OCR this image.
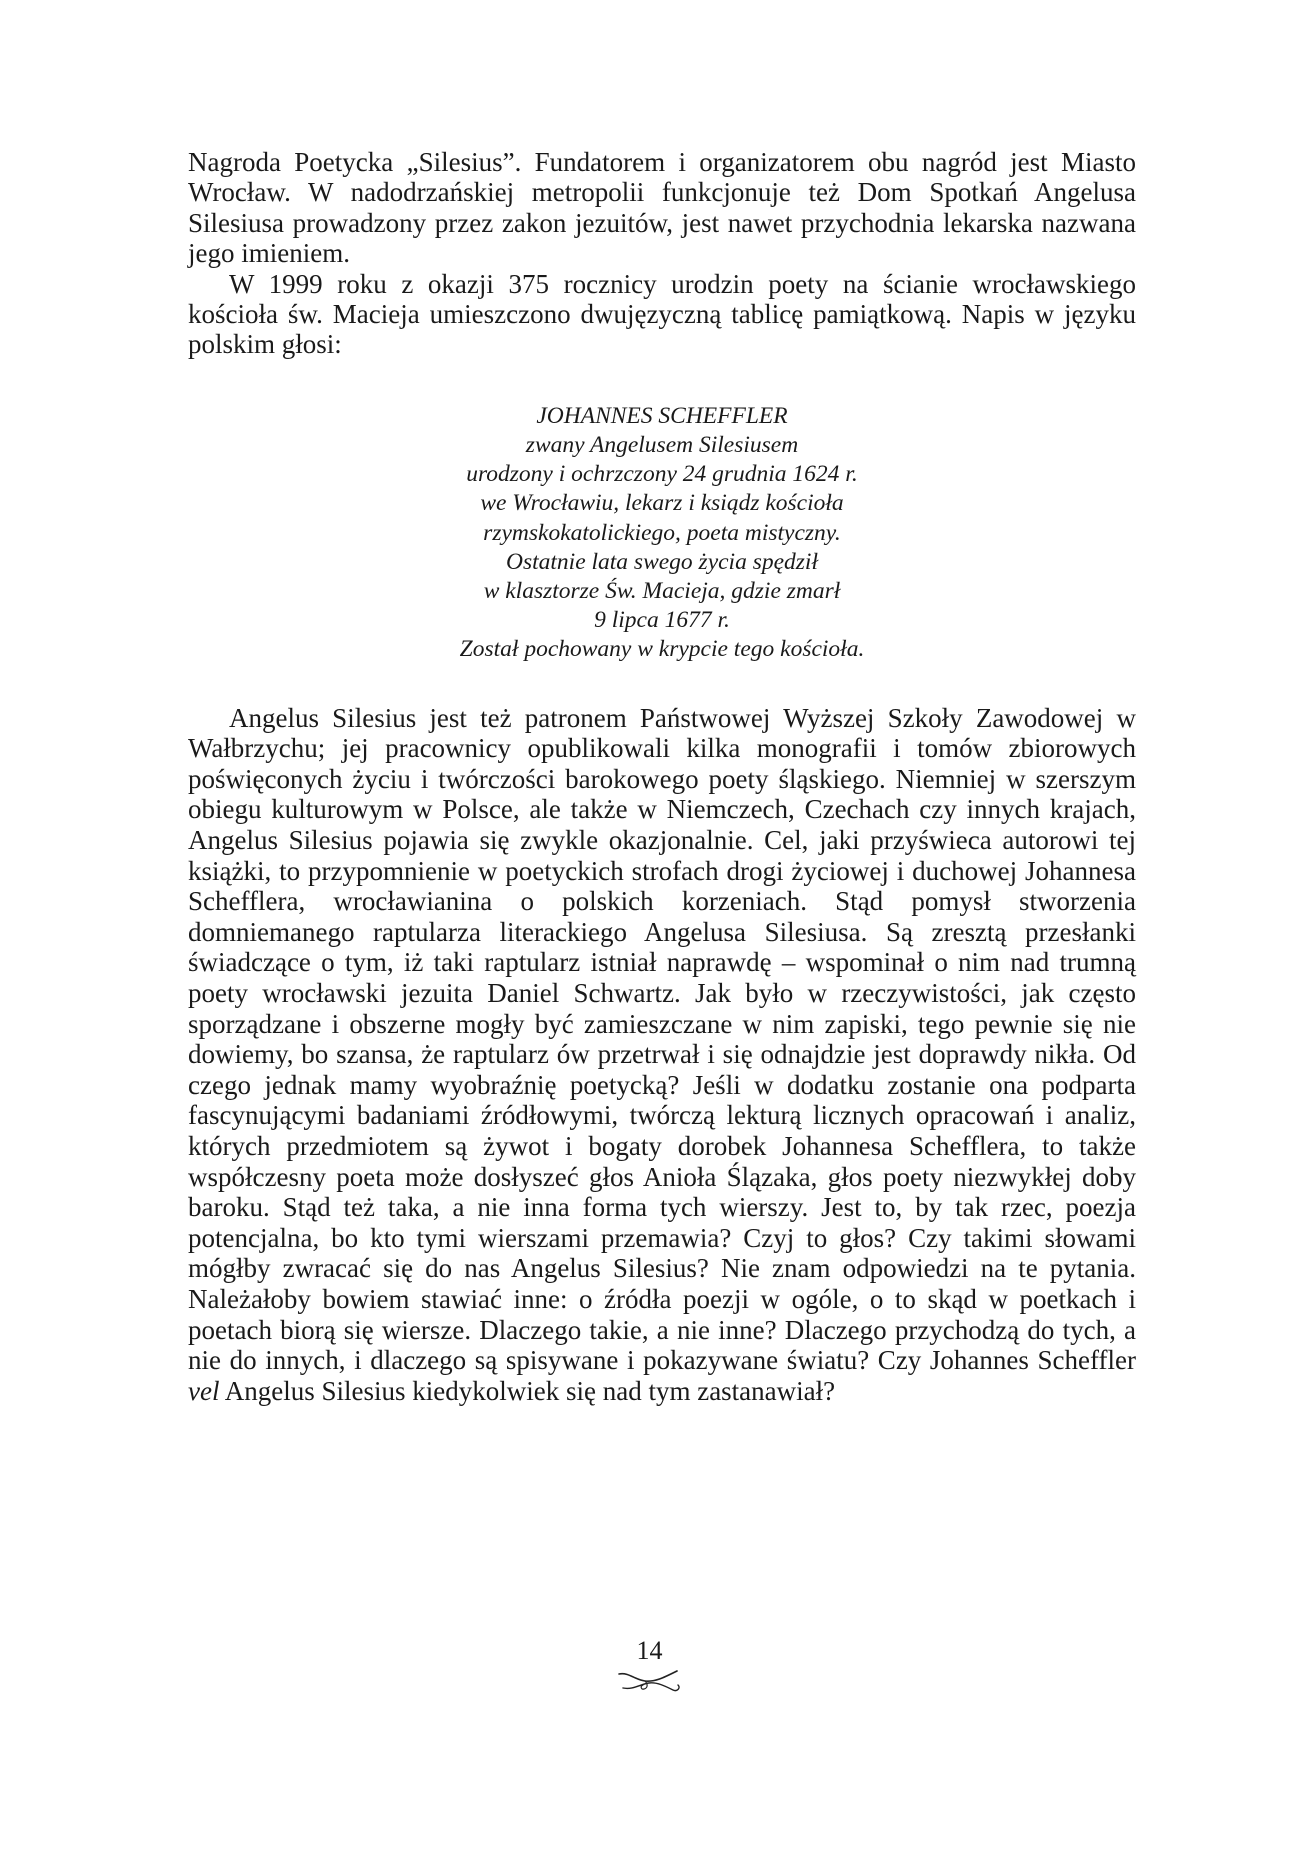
Nagroda Poetycka „Silesius”. Fundatorem i organizatorem obu nagród jest Miasto Wrocław. W nadodrzańskiej metropolii funkcjonuje też Dom Spotkań Angelusa Silesiusa prowadzony przez zakon jezuitów, jest nawet przychodnia lekarska nazwana jego imieniem.

W 1999 roku z okazji 375 rocznicy urodzin poety na ścianie wrocławskiego kościoła św. Macieja umieszczono dwujęzyczną tablicę pamiątkową. Napis w języku polskim głosi:

JOHANNES SCHEFFLER
zwany Angelusem Silesiusem
urodzony i ochrzczony 24 grudnia 1624 r.
we Wrocławiu, lekarz i ksiądz kościoła
rzymskokatolickiego, poeta mistyczny.
Ostatnie lata swego życia spędził
w klasztorze Św. Macieja, gdzie zmarł
9 lipca 1677 r.
Został pochowany w krypcie tego kościoła.

Angelus Silesius jest też patronem Państwowej Wyższej Szkoły Zawodowej w Wałbrzychu; jej pracownicy opublikowali kilka monografii i tomów zbiorowych poświęconych życiu i twórczości barokowego poety śląskiego. Niemniej w szerszym obiegu kulturowym w Polsce, ale także w Niemczech, Czechach czy innych krajach, Angelus Silesius pojawia się zwykle okazjonalnie. Cel, jaki przyświeca autorowi tej książki, to przypomnienie w poetyckich strofach drogi życiowej i duchowej Johannesa Schefflera, wrocławianina o polskich korzeniach. Stąd pomysł stworzenia domniemanego raptularza literackiego Angelusa Silesiusa. Są zresztą przesłanki świadczące o tym, iż taki raptularz istniał naprawdę – wspominał o nim nad trumną poety wrocławski jezuita Daniel Schwartz. Jak było w rzeczywistości, jak często sporządzane i obszerne mogły być zamieszczane w nim zapiski, tego pewnie się nie dowiemy, bo szansa, że raptularz ów przetrwał i się odnajdzie jest doprawdy nikła. Od czego jednak mamy wyobraźnię poetycką? Jeśli w dodatku zostanie ona podparta fascynującymi badaniami źródłowymi, twórczą lekturą licznych opracowań i analiz, których przedmiotem są żywot i bogaty dorobek Johannesa Schefflera, to także współczesny poeta może dosłyszeć głos Anioła Ślązaka, głos poety niezwykłej doby baroku. Stąd też taka, a nie inna forma tych wierszy. Jest to, by tak rzec, poezja potencjalna, bo kto tymi wierszami przemawia? Czyj to głos? Czy takimi słowami mógłby zwracać się do nas Angelus Silesius? Nie znam odpowiedzi na te pytania. Należałoby bowiem stawiać inne: o źródła poezji w ogóle, o to skąd w poetkach i poetach biorą się wiersze. Dlaczego takie, a nie inne? Dlaczego przychodzą do tych, a nie do innych, i dlaczego są spisywane i pokazywane światu? Czy Johannes Scheffler vel Angelus Silesius kiedykolwiek się nad tym zastanawiał?

14
